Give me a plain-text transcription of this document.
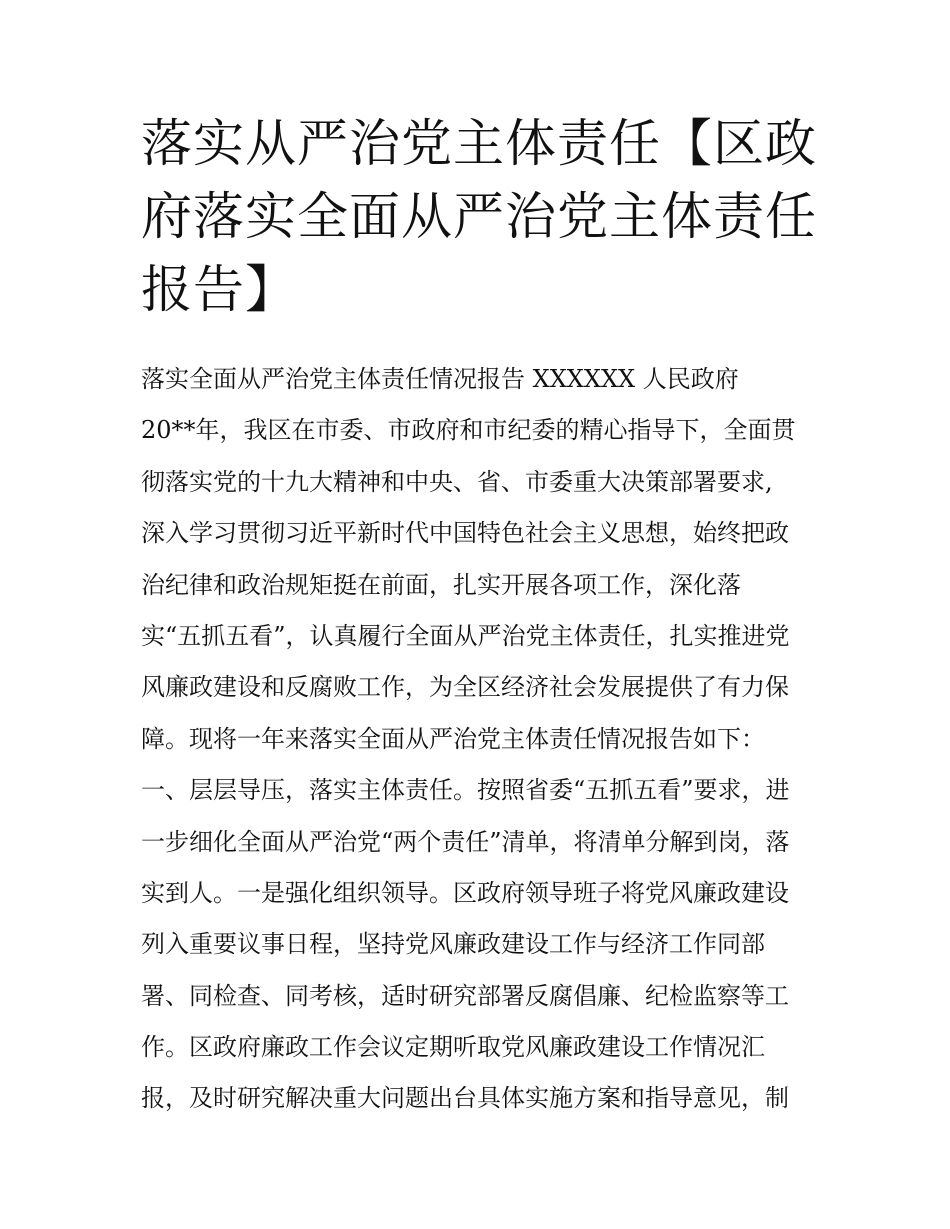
落实从严治党主体责任【区政
府落实全面从严治党主体责任
报告】
落实全面从严治党主体责任情况报告 XXXXXX 人民政府
20**年，我区在市委、市政府和市纪委的精心指导下，全面贯
彻落实党的十九大精神和中央、省、市委重大决策部署要求,
深入学习贯彻习近平新时代中国特色社会主义思想，始终把政
治纪律和政治规矩挺在前面，扎实开展各项工作，深化落
实“五抓五看”，认真履行全面从严治党主体责任，扎实推进党
风廉政建设和反腐败工作，为全区经济社会发展提供了有力保
障。现将一年来落实全面从严治党主体责任情况报告如下：
一、层层导压，落实主体责任。按照省委“五抓五看”要求，进
一步细化全面从严治党“两个责任”清单，将清单分解到岗，落
实到人。一是强化组织领导。区政府领导班子将党风廉政建设
列入重要议事日程，坚持党风廉政建设工作与经济工作同部
署、同检查、同考核，适时研究部署反腐倡廉、纪检监察等工
作。区政府廉政工作会议定期听取党风廉政建设工作情况汇
报，及时研究解决重大问题出台具体实施方案和指导意见，制
